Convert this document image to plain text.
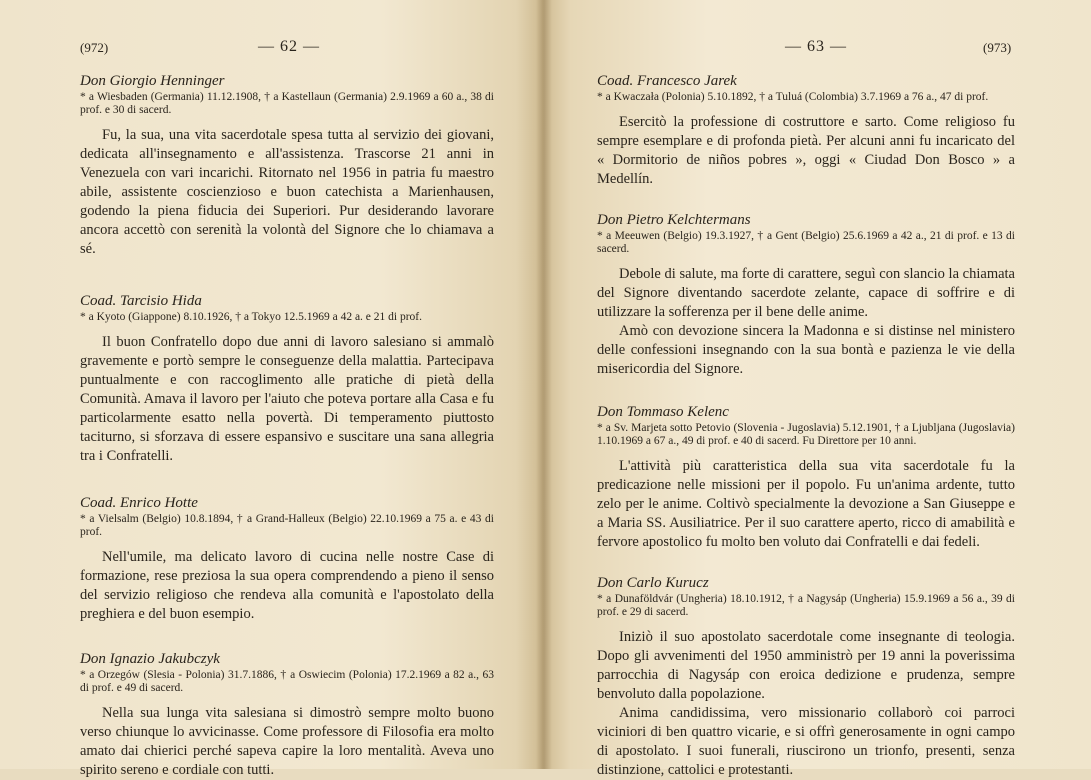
(972)	— 62 —

Don Giorgio Henninger

* a Wiesbaden (Germania) 11.12.1908, † a Kastellaun (Germania) 2.9.1969 a 60 a., 38 di prof. e 30 di sacerd.

Fu, la sua, una vita sacerdotale spesa tutta al servizio dei giovani, dedicata all'insegnamento e all'assistenza. Trascorse 21 anni in Venezuela con vari incarichi. Ritornato nel 1956 in patria fu maestro abile, assistente coscienzioso e buon catechista a Marienhausen, godendo la piena fiducia dei Superiori. Pur desiderando lavorare ancora accettò con serenità la volontà del Signore che lo chiamava a sé.

Coad. Tarcisio Hida

* a Kyoto (Giappone) 8.10.1926, † a Tokyo 12.5.1969 a 42 a. e 21 di prof.

Il buon Confratello dopo due anni di lavoro salesiano si ammalò gravemente e portò sempre le conseguenze della malattia. Partecipava puntualmente e con raccoglimento alle pratiche di pietà della Comunità. Amava il lavoro per l'aiuto che poteva portare alla Casa e fu particolarmente esatto nella povertà. Di temperamento piuttosto taciturno, si sforzava di essere espansivo e suscitare una sana allegria tra i Confratelli.

Coad. Enrico Hotte

* a Vielsalm (Belgio) 10.8.1894, † a Grand-Halleux (Belgio) 22.10.1969 a 75 a. e 43 di prof.

Nell'umile, ma delicato lavoro di cucina nelle nostre Case di formazione, rese preziosa la sua opera comprendendo a pieno il senso del servizio religioso che rendeva alla comunità e l'apostolato della preghiera e del buon esempio.

Don Ignazio Jakubczyk

* a Orzegów (Slesia - Polonia) 31.7.1886, † a Oswiecim (Polonia) 17.2.1969 a 82 a., 63 di prof. e 49 di sacerd.

Nella sua lunga vita salesiana si dimostrò sempre molto buono verso chiunque lo avvicinasse. Come professore di Filosofia era molto amato dai chierici perché sapeva capire la loro mentalità. Aveva uno spirito sereno e cordiale con tutti.

— 63 —	(973)

Coad. Francesco Jarek

* a Kwaczała (Polonia) 5.10.1892, † a Tuluá (Colombia) 3.7.1969 a 76 a., 47 di prof.

Esercitò la professione di costruttore e sarto. Come religioso fu sempre esemplare e di profonda pietà. Per alcuni anni fu incaricato del « Dormitorio de niños pobres », oggi « Ciudad Don Bosco » a Medellín.

Don Pietro Kelchtermans

* a Meeuwen (Belgio) 19.3.1927, † a Gent (Belgio) 25.6.1969 a 42 a., 21 di prof. e 13 di sacerd.

Debole di salute, ma forte di carattere, seguì con slancio la chiamata del Signore diventando sacerdote zelante, capace di soffrire e di utilizzare la sofferenza per il bene delle anime.

Amò con devozione sincera la Madonna e si distinse nel ministero delle confessioni insegnando con la sua bontà e pazienza le vie della misericordia del Signore.

Don Tommaso Kelenc

* a Sv. Marjeta sotto Petovio (Slovenia - Jugoslavia) 5.12.1901, † a Ljubljana (Jugoslavia) 1.10.1969 a 67 a., 49 di prof. e 40 di sacerd. Fu Direttore per 10 anni.

L'attività più caratteristica della sua vita sacerdotale fu la predicazione nelle missioni per il popolo. Fu un'anima ardente, tutto zelo per le anime. Coltivò specialmente la devozione a San Giuseppe e a Maria SS. Ausiliatrice. Per il suo carattere aperto, ricco di amabilità e fervore apostolico fu molto ben voluto dai Confratelli e dai fedeli.

Don Carlo Kurucz

* a Dunaföldvár (Ungheria) 18.10.1912, † a Nagysáp (Ungheria) 15.9.1969 a 56 a., 39 di prof. e 29 di sacerd.

Iniziò il suo apostolato sacerdotale come insegnante di teologia. Dopo gli avvenimenti del 1950 amministrò per 19 anni la poverissima parrocchia di Nagysáp con eroica dedizione e prudenza, sempre benvoluto dalla popolazione.

Anima candidissima, vero missionario collaborò coi parroci viciniori di ben quattro vicarie, e si offrì generosamente in ogni campo di apostolato. I suoi funerali, riuscirono un trionfo, presenti, senza distinzione, cattolici e protestanti.
